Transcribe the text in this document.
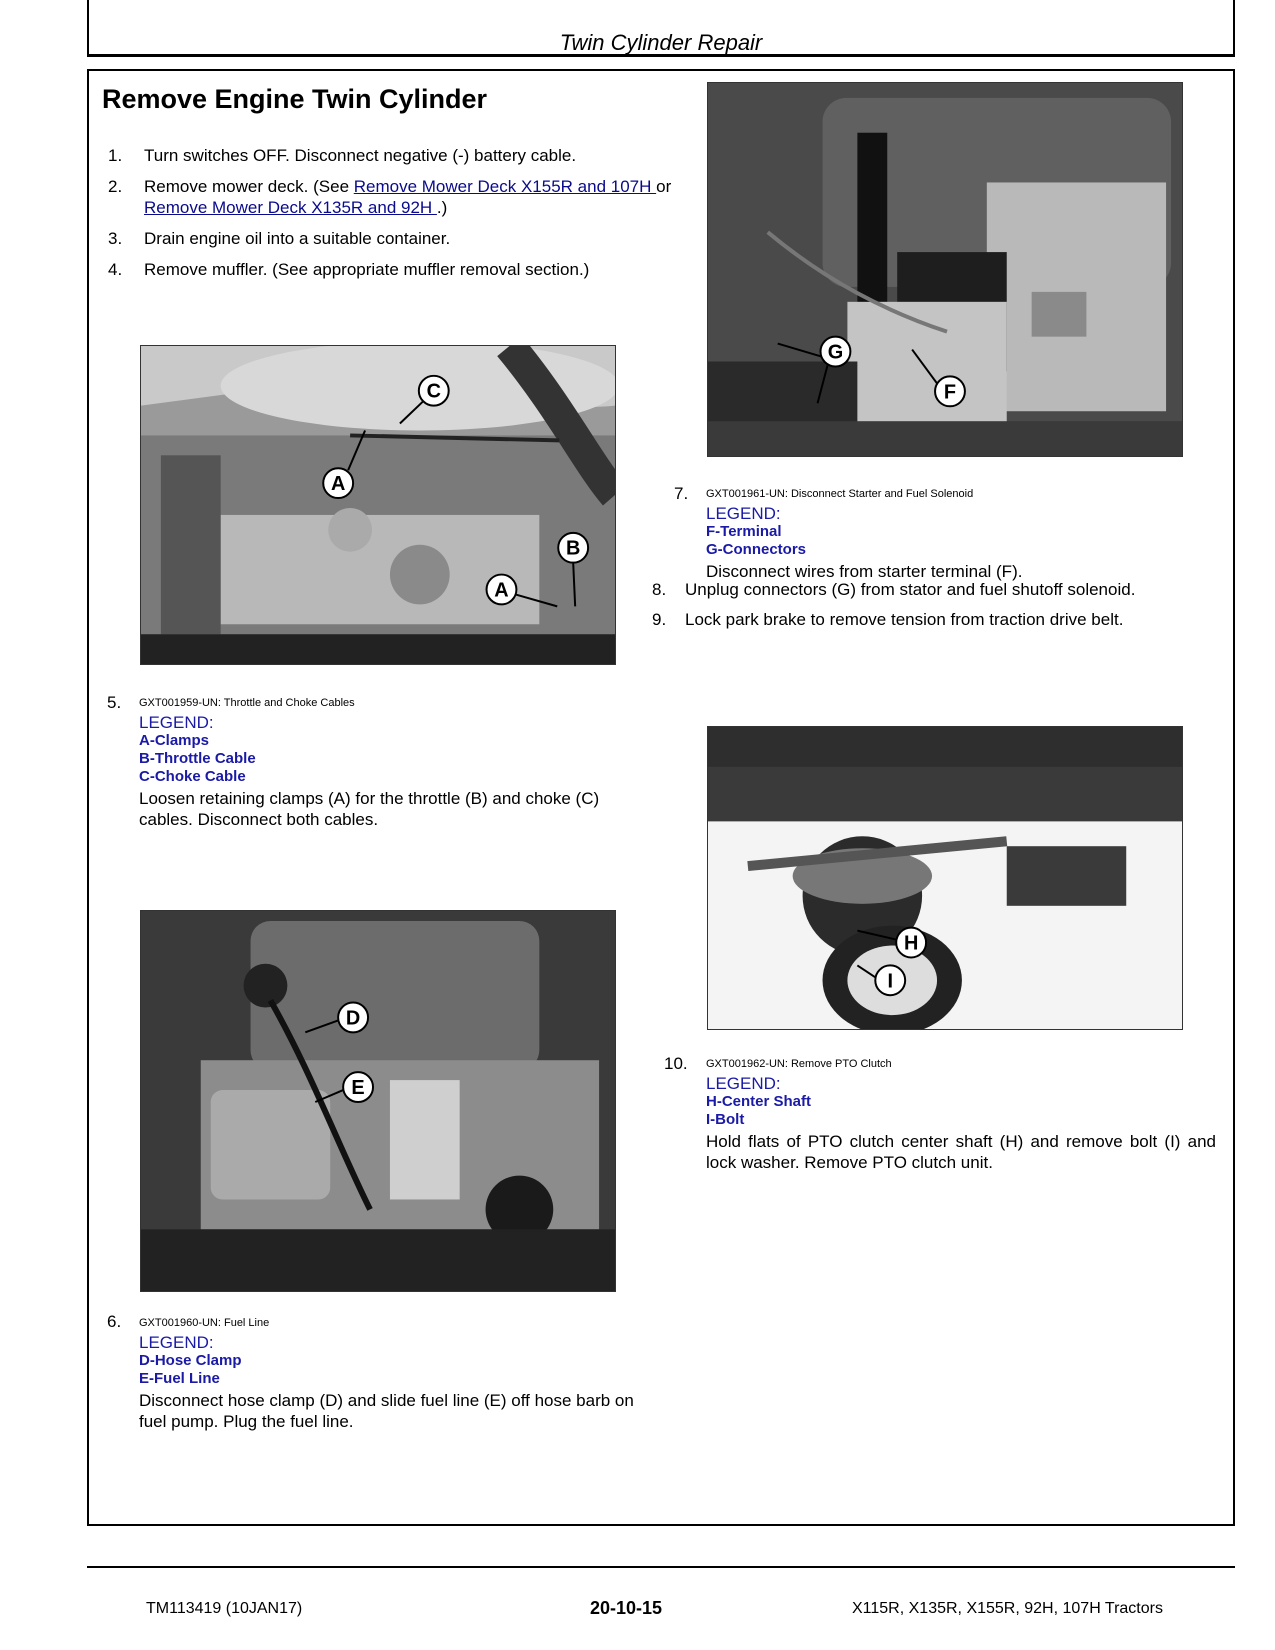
Twin Cylinder Repair
Remove Engine Twin Cylinder
1.	Turn switches OFF. Disconnect negative (-) battery cable.
2.	Remove mower deck. (See Remove Mower Deck X155R and 107H or Remove Mower Deck X135R and 92H .)
3.	Drain engine oil into a suitable container.
4.	Remove muffler. (See appropriate muffler removal section.)
C
A
B
A
5. GXT001959-UN: Throttle and Choke Cables
LEGEND:
A-Clamps
B-Throttle Cable
C-Choke Cable
Loosen retaining clamps (A) for the throttle (B) and choke (C) cables. Disconnect both cables.
D
E
6. GXT001960-UN: Fuel Line
LEGEND:
D-Hose Clamp
E-Fuel Line
Disconnect hose clamp (D) and slide fuel line (E) off hose barb on fuel pump. Plug the fuel line.
G
F
7. GXT001961-UN: Disconnect Starter and Fuel Solenoid
LEGEND:
F-Terminal
G-Connectors
Disconnect wires from starter terminal (F).
8.	Unplug connectors (G) from stator and fuel shutoff solenoid.
9.	Lock park brake to remove tension from traction drive belt.
H
I
10. GXT001962-UN: Remove PTO Clutch
LEGEND:
H-Center Shaft
I-Bolt
Hold flats of PTO clutch center shaft (H) and remove bolt (I) and lock washer. Remove PTO clutch unit.
TM113419 (10JAN17)	20-10-15	X115R, X135R, X155R, 92H, 107H Tractors
